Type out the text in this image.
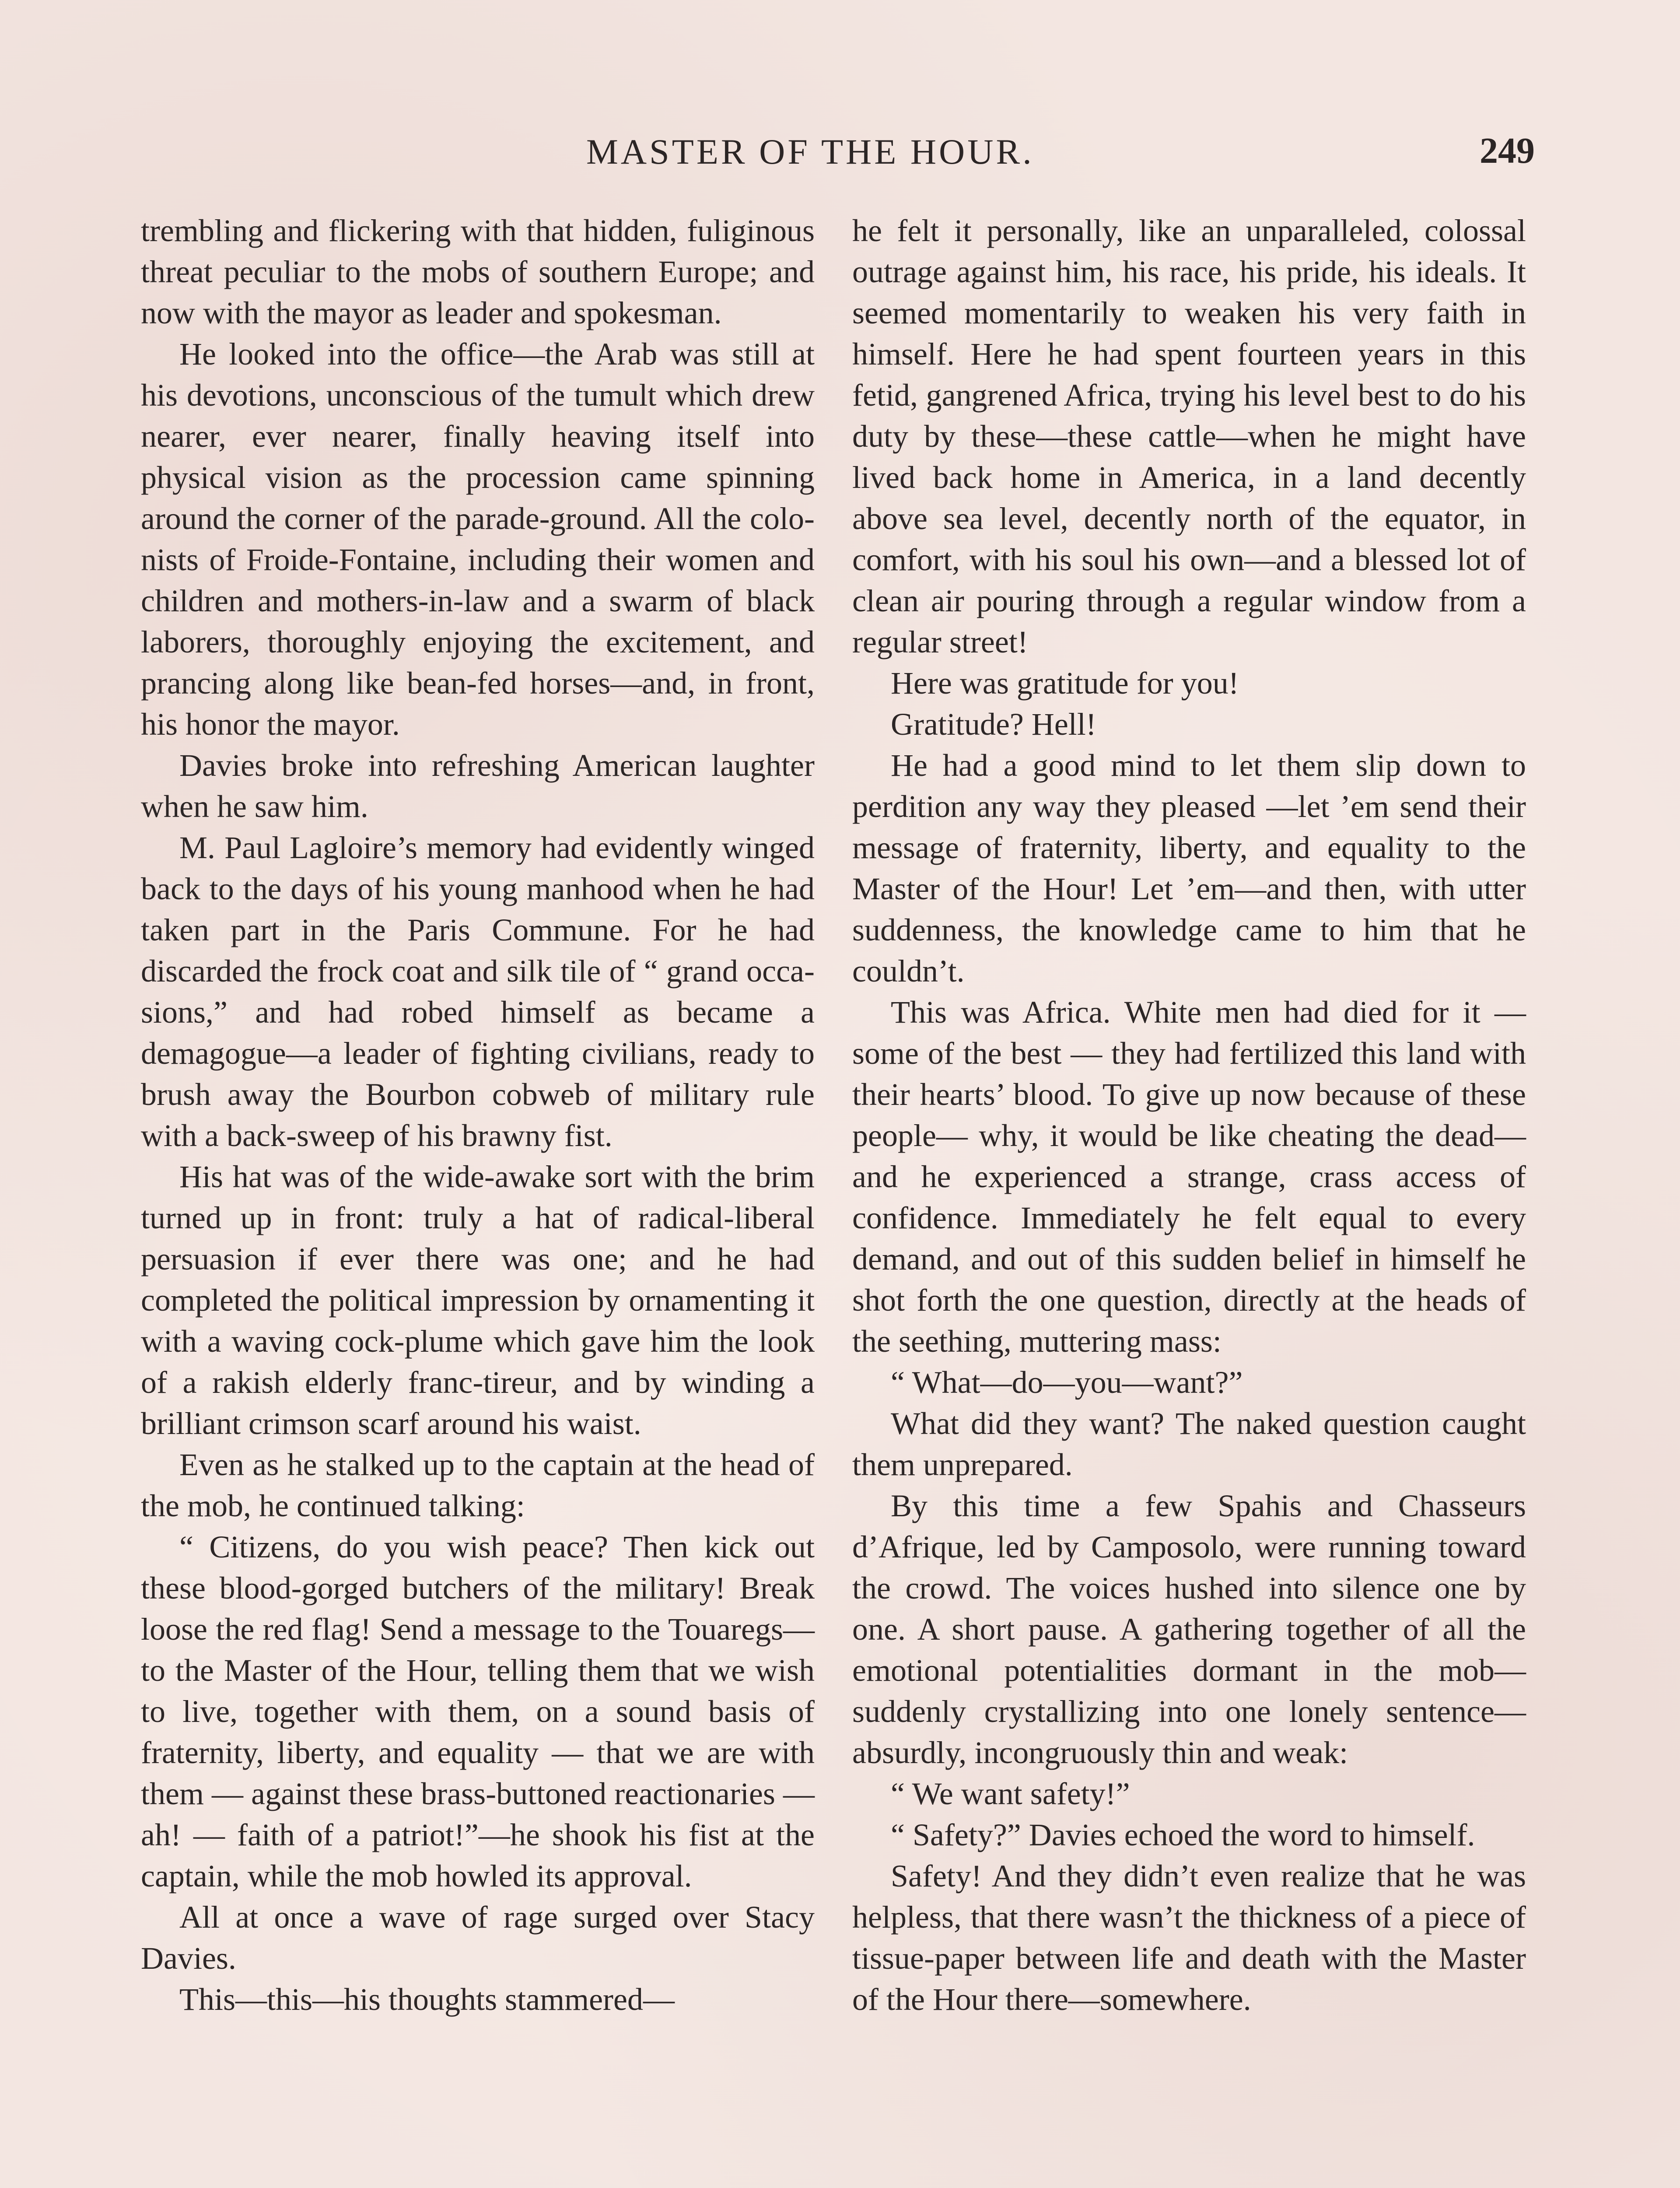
MASTER OF THE HOUR.	249

trembling and flickering with that hidden, fuliginous threat peculiar to the mobs of southern Europe; and now with the mayor as leader and spokesman.

He looked into the office—the Arab was still at his devotions, unconscious of the tumult which drew nearer, ever nearer, finally heaving itself into physical vision as the procession came spinning around the corner of the parade-ground. All the colonists of Froide-Fontaine, including their women and children and mothers-in-law and a swarm of black laborers, thoroughly enjoying the excitement, and prancing along like bean-fed horses—and, in front, his honor the mayor.

Davies broke into refreshing American laughter when he saw him.

M. Paul Lagloire’s memory had evidently winged back to the days of his young manhood when he had taken part in the Paris Commune. For he had discarded the frock coat and silk tile of “ grand occasions,” and had robed himself as became a demagogue—a leader of fighting civilians, ready to brush away the Bourbon cobweb of military rule with a back-sweep of his brawny fist.

His hat was of the wide-awake sort with the brim turned up in front: truly a hat of radical-liberal persuasion if ever there was one; and he had completed the political impression by ornamenting it with a waving cock-plume which gave him the look of a rakish elderly franc-tireur, and by winding a brilliant crimson scarf around his waist.

Even as he stalked up to the captain at the head of the mob, he continued talking:

“ Citizens, do you wish peace? Then kick out these blood-gorged butchers of the military! Break loose the red flag! Send a message to the Touaregs—to the Master of the Hour, telling them that we wish to live, together with them, on a sound basis of fraternity, liberty, and equality — that we are with them — against these brass-buttoned reactionaries — ah! — faith of a patriot!”—he shook his fist at the captain, while the mob howled its approval.

All at once a wave of rage surged over Stacy Davies.

This—this—his thoughts stammered—

he felt it personally, like an unparalleled, colossal outrage against him, his race, his pride, his ideals. It seemed momentarily to weaken his very faith in himself. Here he had spent fourteen years in this fetid, gangrened Africa, trying his level best to do his duty by these—these cattle—when he might have lived back home in America, in a land decently above sea level, decently north of the equator, in comfort, with his soul his own—and a blessed lot of clean air pouring through a regular window from a regular street!

Here was gratitude for you!

Gratitude? Hell!

He had a good mind to let them slip down to perdition any way they pleased —let ’em send their message of fraternity, liberty, and equality to the Master of the Hour! Let ’em—and then, with utter suddenness, the knowledge came to him that he couldn’t.

This was Africa. White men had died for it — some of the best — they had fertilized this land with their hearts’ blood. To give up now because of these people— why, it would be like cheating the dead— and he experienced a strange, crass access of confidence. Immediately he felt equal to every demand, and out of this sudden belief in himself he shot forth the one question, directly at the heads of the seething, muttering mass:

“ What—do—you—want?”

What did they want? The naked question caught them unprepared.

By this time a few Spahis and Chasseurs d’Afrique, led by Camposolo, were running toward the crowd. The voices hushed into silence one by one. A short pause. A gathering together of all the emotional potentialities dormant in the mob— suddenly crystallizing into one lonely sentence—absurdly, incongruously thin and weak:

“ We want safety!”

“ Safety?” Davies echoed the word to himself.

Safety! And they didn’t even realize that he was helpless, that there wasn’t the thickness of a piece of tissue-paper between life and death with the Master of the Hour there—somewhere.
